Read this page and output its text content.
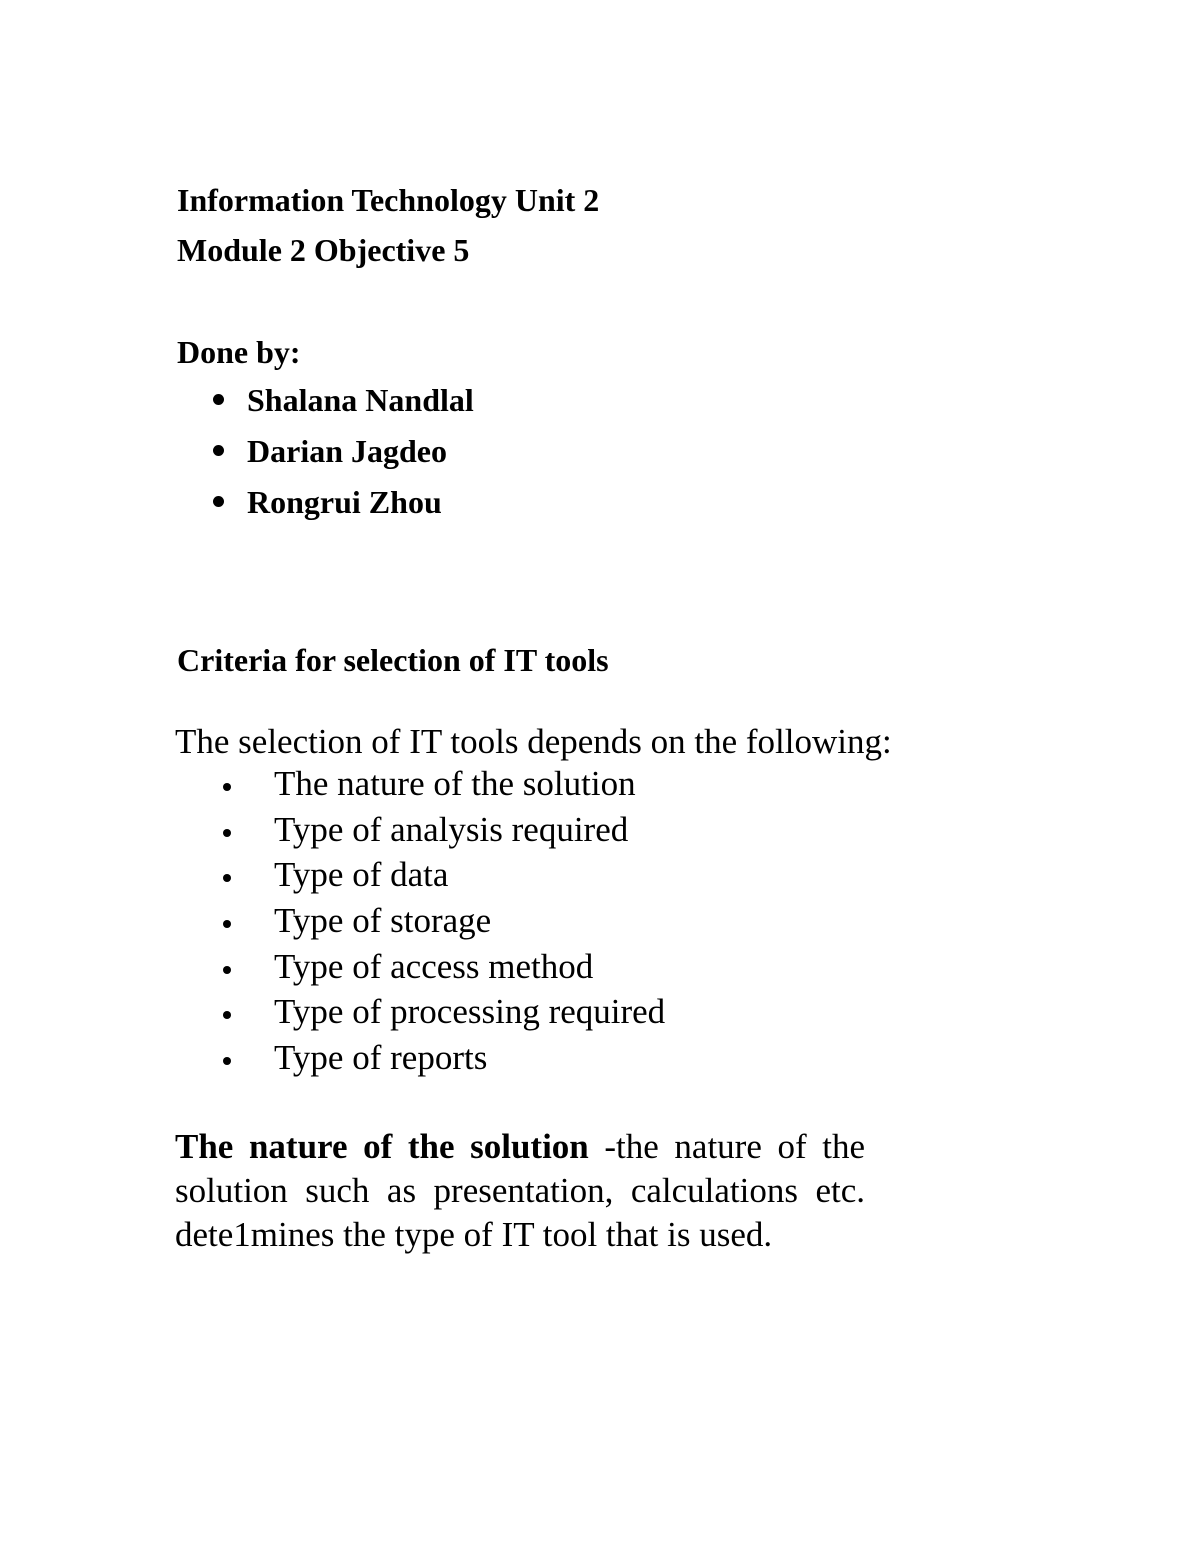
Information Technology Unit 2
Module 2 Objective 5
Done by:
Shalana Nandlal
Darian Jagdeo
Rongrui Zhou
Criteria for selection of IT tools
The selection of IT tools depends on the following:
The nature of the solution
Type of analysis required
Type of data
Type of storage
Type of access method
Type of processing required
Type of reports

The nature of the solution -the nature of the solution such as presentation, calculations etc. dete1mines the type of IT tool that is used.
